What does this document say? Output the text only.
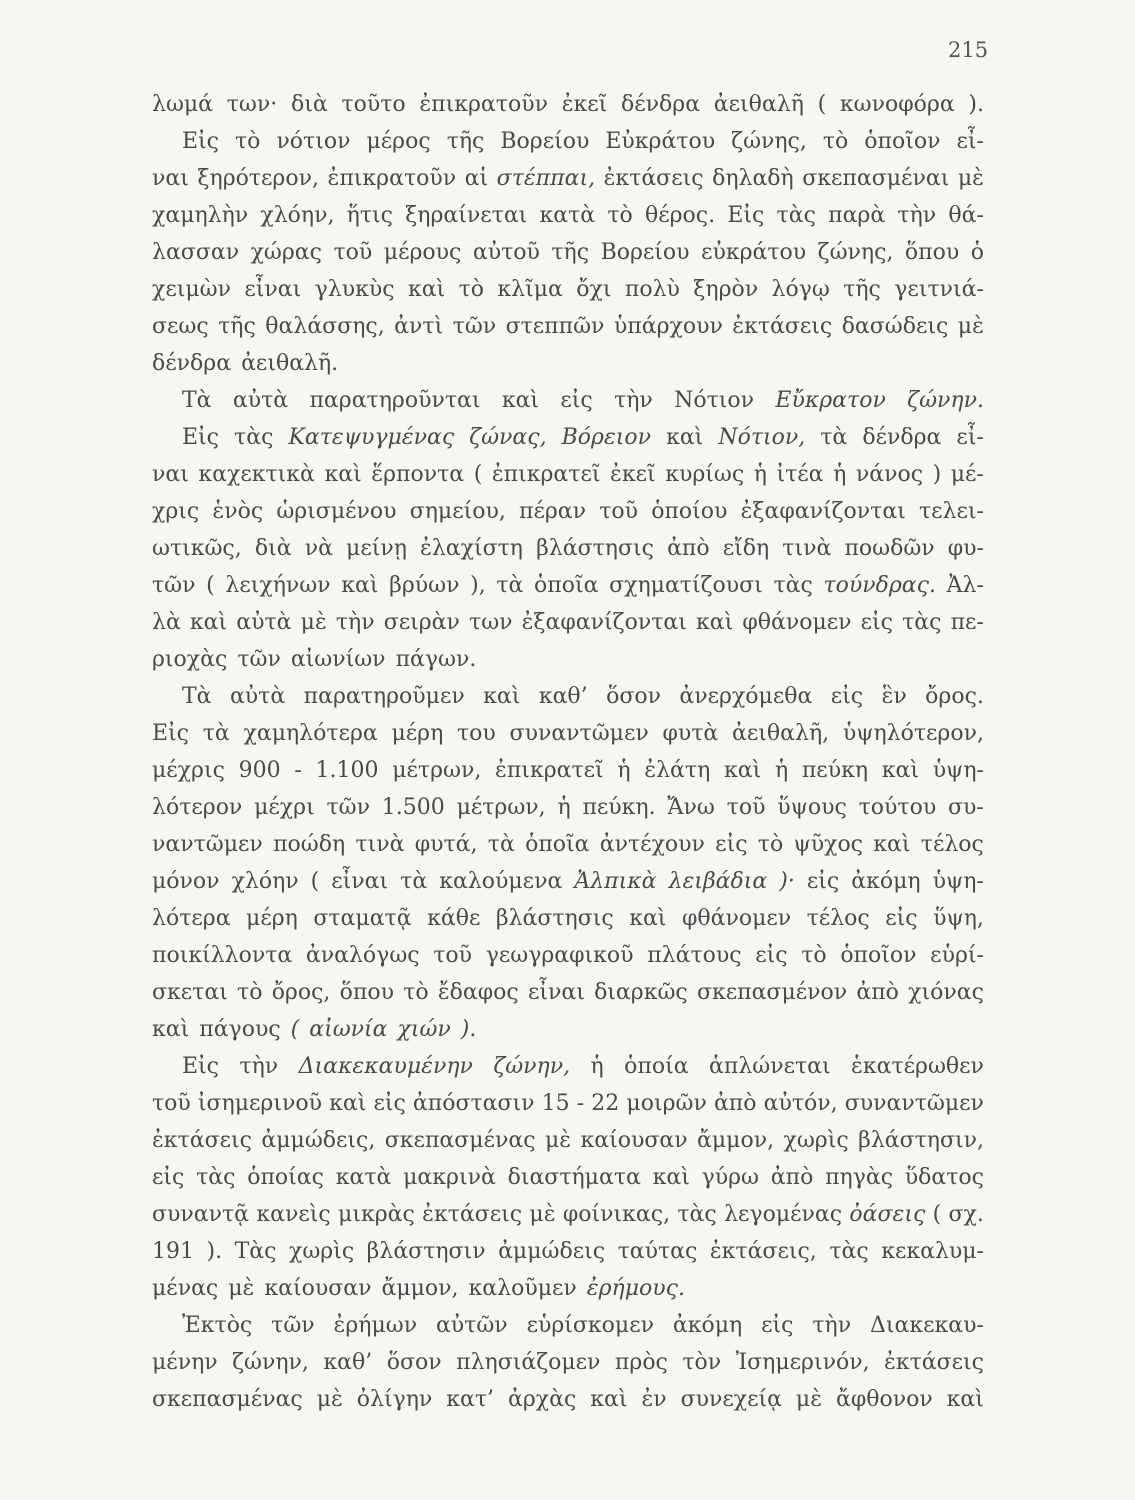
215
λωμά των· διὰ τοῦτο ἐπικρατοῦν ἐκεῖ δένδρα ἀειθαλῆ ( κωνοφόρα ).
Εἰς τὸ νότιον μέρος τῆς Βορείου Εὐκράτου ζώνης, τὸ ὁποῖον εἶ-
ναι ξηρότερον, ἐπικρατοῦν αἱ στέππαι, ἐκτάσεις δηλαδὴ σκεπασμέναι μὲ
χαμηλὴν χλόην, ἥτις ξηραίνεται κατὰ τὸ θέρος. Εἰς τὰς παρὰ τὴν θά-
λασσαν χώρας τοῦ μέρους αὐτοῦ τῆς Βορείου εὐκράτου ζώνης, ὅπου ὁ
χειμὼν εἶναι γλυκὺς καὶ τὸ κλῖμα ὄχι πολὺ ξηρὸν λόγῳ τῆς γειτνιά-
σεως τῆς θαλάσσης, ἀντὶ τῶν στεππῶν ὑπάρχουν ἐκτάσεις δασώδεις μὲ
δένδρα ἀειθαλῆ.
Τὰ αὐτὰ παρατηροῦνται καὶ εἰς τὴν Νότιον Εὔκρατον ζώνην.
Εἰς τὰς Κατεψυγμένας ζώνας, Βόρειον καὶ Νότιον, τὰ δένδρα εἶ-
ναι καχεκτικὰ καὶ ἕρποντα ( ἐπικρατεῖ ἐκεῖ κυρίως ἡ ἰτέα ἡ νάνος ) μέ-
χρις ἑνὸς ὡρισμένου σημείου, πέραν τοῦ ὁποίου ἐξαφανίζονται τελει-
ωτικῶς, διὰ νὰ μείνῃ ἐλαχίστη βλάστησις ἀπὸ εἴδη τινὰ ποωδῶν φυ-
τῶν ( λειχήνων καὶ βρύων ), τὰ ὁποῖα σχηματίζουσι τὰς τούνδρας. Ἀλ-
λὰ καὶ αὐτὰ μὲ τὴν σειρὰν των ἐξαφανίζονται καὶ φθάνομεν εἰς τὰς πε-
ριοχὰς τῶν αἰωνίων πάγων.
Τὰ αὐτὰ παρατηροῦμεν καὶ καθ’ ὅσον ἀνερχόμεθα εἰς ἓν ὄρος.
Εἰς τὰ χαμηλότερα μέρη του συναντῶμεν φυτὰ ἀειθαλῆ, ὑψηλότερον,
μέχρις 900 - 1.100 μέτρων, ἐπικρατεῖ ἡ ἐλάτη καὶ ἡ πεύκη καὶ ὑψη-
λότερον μέχρι τῶν 1.500 μέτρων, ἡ πεύκη. Ἄνω τοῦ ὕψους τούτου συ-
ναντῶμεν ποώδη τινὰ φυτά, τὰ ὁποῖα ἀντέχουν εἰς τὸ ψῦχος καὶ τέλος
μόνον χλόην ( εἶναι τὰ καλούμενα Ἀλπικὰ λειβάδια )· εἰς ἀκόμη ὑψη-
λότερα μέρη σταματᾷ κάθε βλάστησις καὶ φθάνομεν τέλος εἰς ὕψη,
ποικίλλοντα ἀναλόγως τοῦ γεωγραφικοῦ πλάτους εἰς τὸ ὁποῖον εὑρί-
σκεται τὸ ὄρος, ὅπου τὸ ἔδαφος εἶναι διαρκῶς σκεπασμένον ἀπὸ χιόνας
καὶ πάγους ( αἰωνία χιών ).
Εἰς τὴν Διακεκαυμένην ζώνην, ἡ ὁποία ἁπλώνεται ἑκατέρωθεν
τοῦ ἰσημερινοῦ καὶ εἰς ἀπόστασιν 15 - 22 μοιρῶν ἀπὸ αὐτόν, συναντῶμεν
ἐκτάσεις ἀμμώδεις, σκεπασμένας μὲ καίουσαν ἄμμον, χωρὶς βλάστησιν,
εἰς τὰς ὁποίας κατὰ μακρινὰ διαστήματα καὶ γύρω ἀπὸ πηγὰς ὕδατος
συναντᾷ κανεὶς μικρὰς ἐκτάσεις μὲ φοίνικας, τὰς λεγομένας ὀάσεις ( σχ.
191 ). Τὰς χωρὶς βλάστησιν ἀμμώδεις ταύτας ἐκτάσεις, τὰς κεκαλυμ-
μένας μὲ καίουσαν ἄμμον, καλοῦμεν ἐρήμους.
Ἐκτὸς τῶν ἐρήμων αὐτῶν εὑρίσκομεν ἀκόμη εἰς τὴν Διακεκαυ-
μένην ζώνην, καθ’ ὅσον πλησιάζομεν πρὸς τὸν Ἰσημερινόν, ἐκτάσεις
σκεπασμένας μὲ ὀλίγην κατ’ ἀρχὰς καὶ ἐν συνεχείᾳ μὲ ἄφθονον καὶ
